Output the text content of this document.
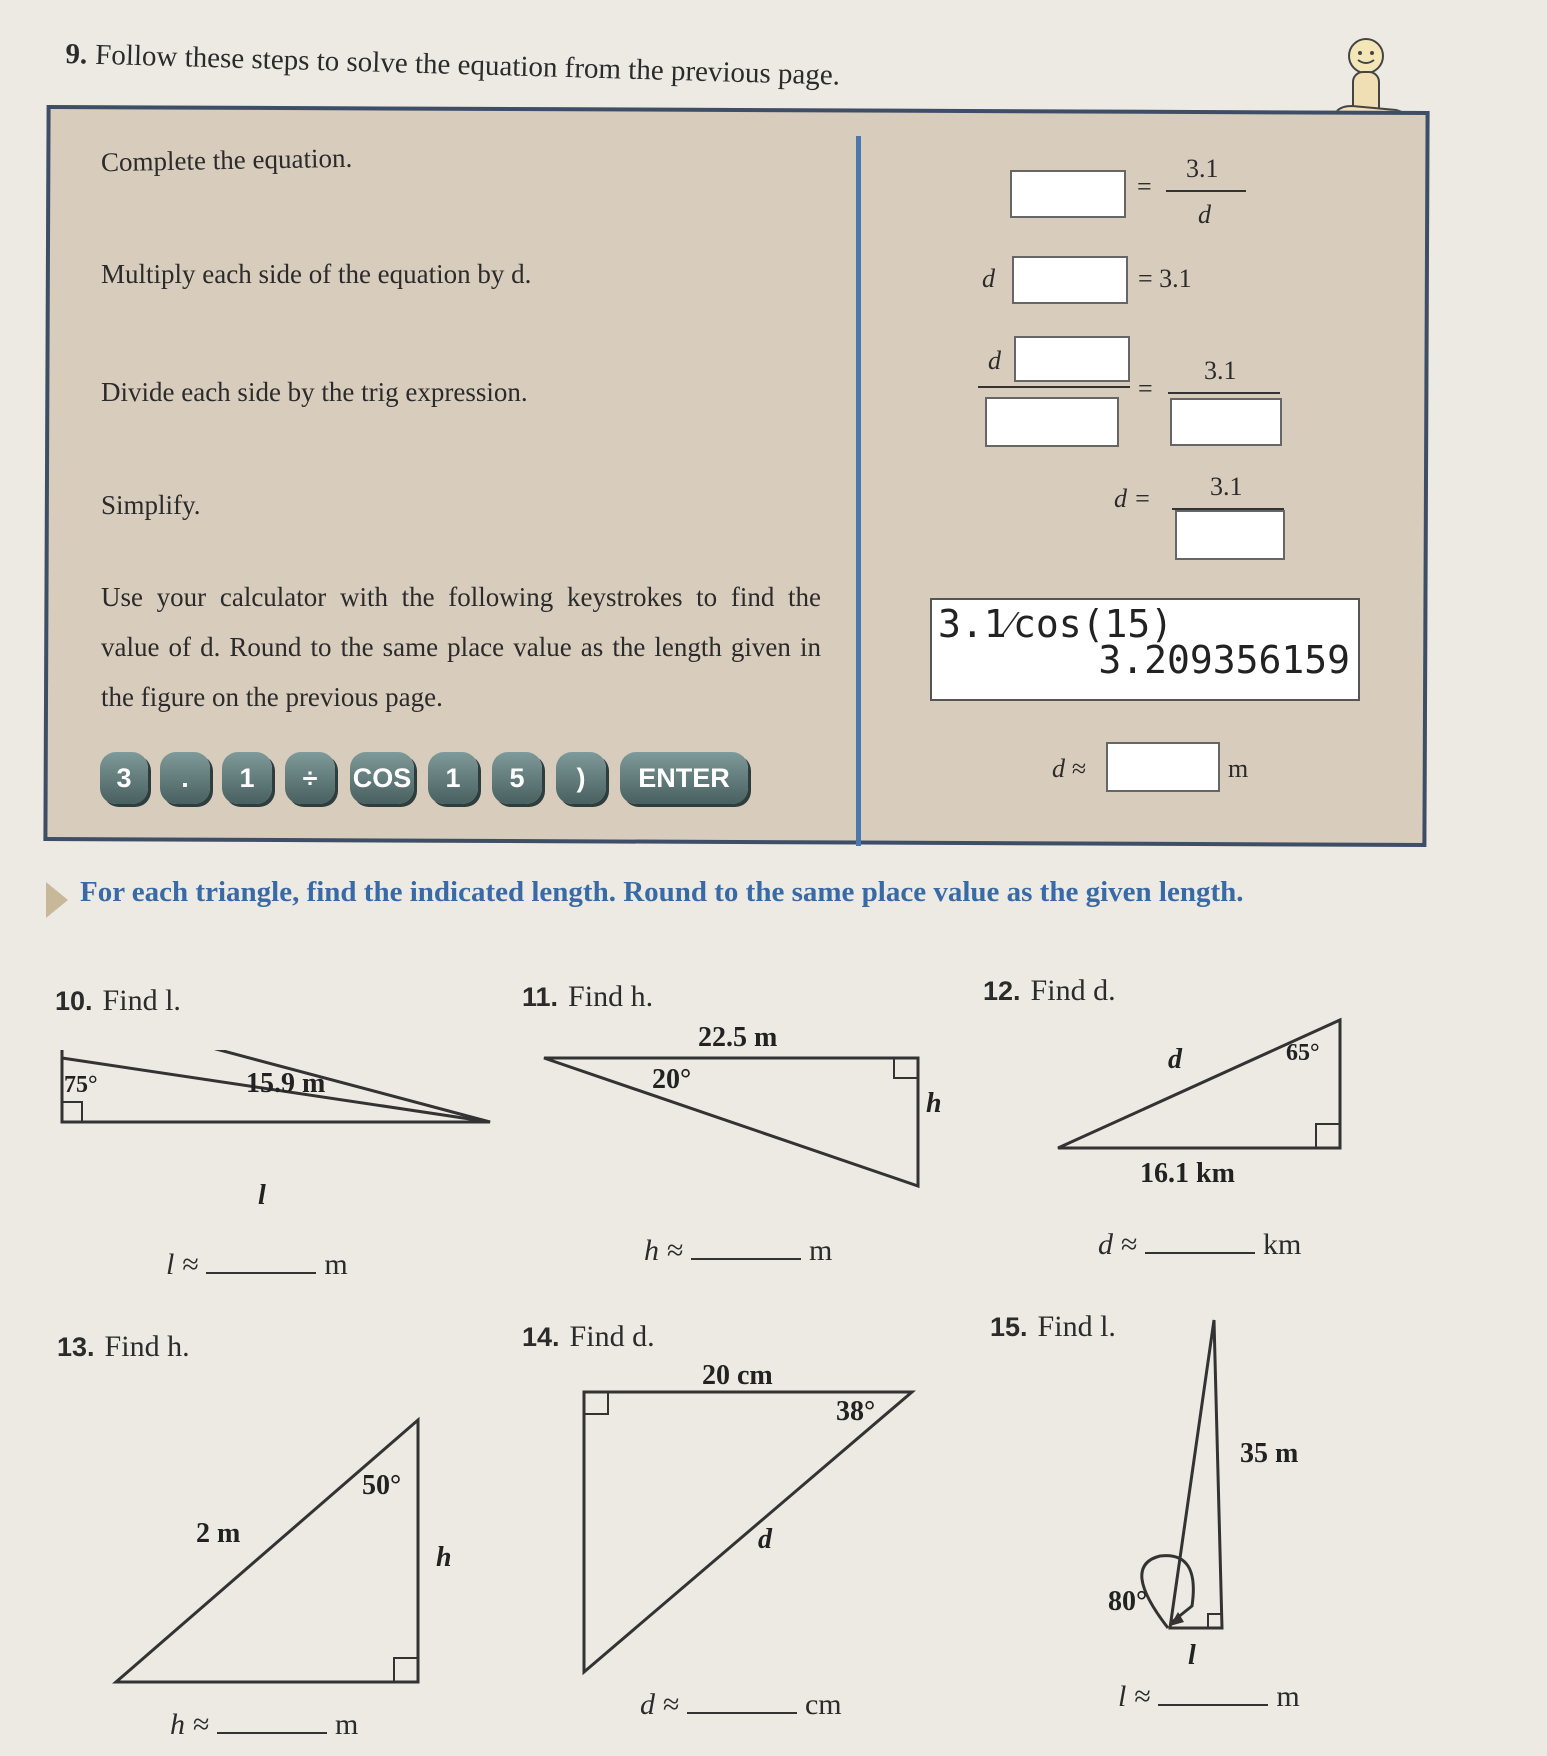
9. Follow these steps to solve the equation from the previous page.
Complete the equation.
Multiply each side of the equation by d.
Divide each side by the trig expression.
Simplify.
Use your calculator with the following keystrokes to find the value of d. Round to the same place value as the length given in the figure on the previous page.
=
3.1
d
d	= 3.1
d
=
3.1
d = 3.1
3.1⁄cos(15)
3.209356159
3	.	1	÷	COS	1	5	)	ENTER	d ≈	m
For each triangle, find the indicated length. Round to the same place value as the given length.
10. Find l.
75°	15.9 m
l
l ≈	m
11. Find h.
22.5 m
20°
h
h ≈	m
12. Find d.
d	65°
16.1 km
d ≈	km
13. Find h.
50°
2 m
h
h ≈	m
14. Find d.
20 cm
38°
d
d ≈	cm
15. Find l.
35 m
80°
l
l ≈	m
